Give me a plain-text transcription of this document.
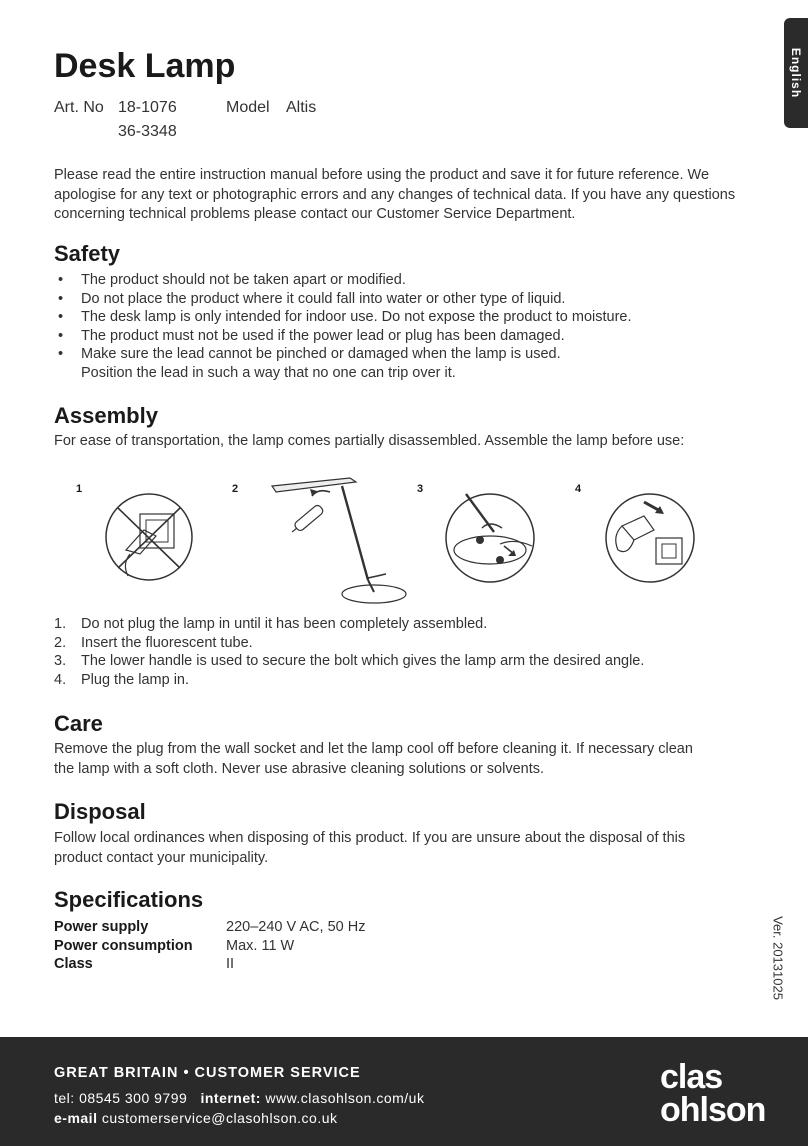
English
Desk Lamp
Art. No 18-1076
36-3348
Model Altis

Please read the entire instruction manual before using the product and save it for future reference. We apologise for any text or photographic errors and any changes of technical data. If you have any questions concerning technical problems please contact our Customer Service Department.

Safety
• The product should not be taken apart or modified.
• Do not place the product where it could fall into water or other type of liquid.
• The desk lamp is only intended for indoor use. Do not expose the product to moisture.
• The product must not be used if the power lead or plug has been damaged.
• Make sure the lead cannot be pinched or damaged when the lamp is used.
Position the lead in such a way that no one can trip over it.
Assembly

For ease of transportation, the lamp comes partially disassembled. Assemble the lamp before use:

1	2	3	4
1. Do not plug the lamp in until it has been completely assembled.
2. Insert the fluorescent tube.
3. The lower handle is used to secure the bolt which gives the lamp arm the desired angle.
4. Plug the lamp in.
Care

Remove the plug from the wall socket and let the lamp cool off before cleaning it. If necessary clean the lamp with a soft cloth. Never use abrasive cleaning solutions or solvents.

Disposal

Follow local ordinances when disposing of this product. If you are unsure about the disposal of this product contact your municipality.

Specifications
Power supply	220–240 V AC, 50 Hz
Power consumption	Max. 11 W
Class	II	Ver. 20131025
GREAT BRITAIN • CUSTOMER SERVICE
tel: 08545 300 9799 internet: www.clasohlson.com/uk
e-mail customerservice@clasohlson.co.uk
clas
ohlson
